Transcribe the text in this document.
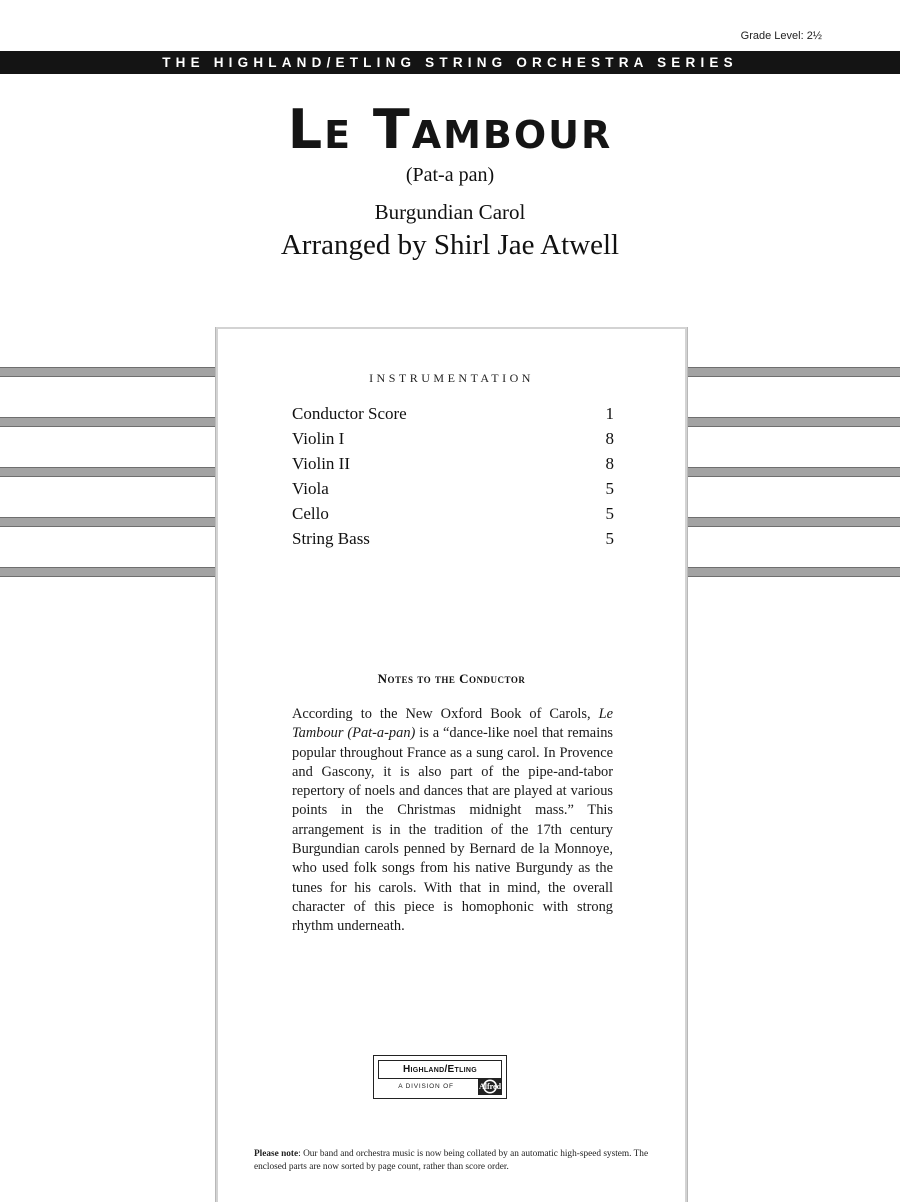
Grade Level: 2½
THE HIGHLAND/ETLING STRING ORCHESTRA SERIES
Le Tambour
(Pat-a pan)
Burgundian Carol
Arranged by Shirl Jae Atwell
INSTRUMENTATION
Conductor Score	1
Violin I	8
Violin II	8
Viola	5
Cello	5
String Bass	5
Notes to the Conductor

According to the New Oxford Book of Carols, Le Tambour (Pat-a-pan) is a “dance-like noel that remains popular throughout France as a sung carol. In Provence and Gascony, it is also part of the pipe-and-tabor repertory of noels and dances that are played at various points in the Christmas midnight mass.” This arrangement is in the tradition of the 17th century Burgundian carols penned by Bernard de la Monnoye, who used folk songs from his native Burgundy as the tunes for his carols. With that in mind, the overall character of this piece is homophonic with strong rhythm underneath.

Highland/Etling
A DIVISION OF	Alfred
Please note: Our band and orchestra music is now being collated by an automatic high-speed system. The enclosed parts are now sorted by page count, rather than score order.
